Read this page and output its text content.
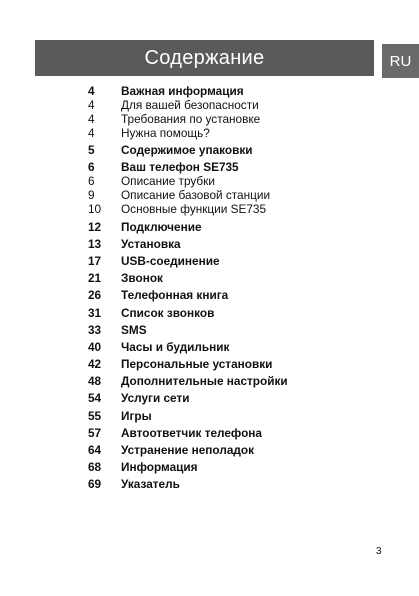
Содержание	RU
4	Важная информация
4	Для вашей безопасности
4	Требования по установке
4	Нужна помощь?
5	Содержимое упаковки
6	Ваш телефон SE735
6	Описание трубки
9	Описание базовой станции
10	Основные функции SE735
12	Подключение
13	Установка
17	USB-соединение
21	Звонок
26	Телефонная книга
31	Список звонков
33	SMS
40	Часы и будильник
42	Персональные установки
48	Дополнительные настройки
54	Услуги сети
55	Игры
57	Автоответчик телефона
64	Устранение неполадок
68	Информация
69	Указатель
3
